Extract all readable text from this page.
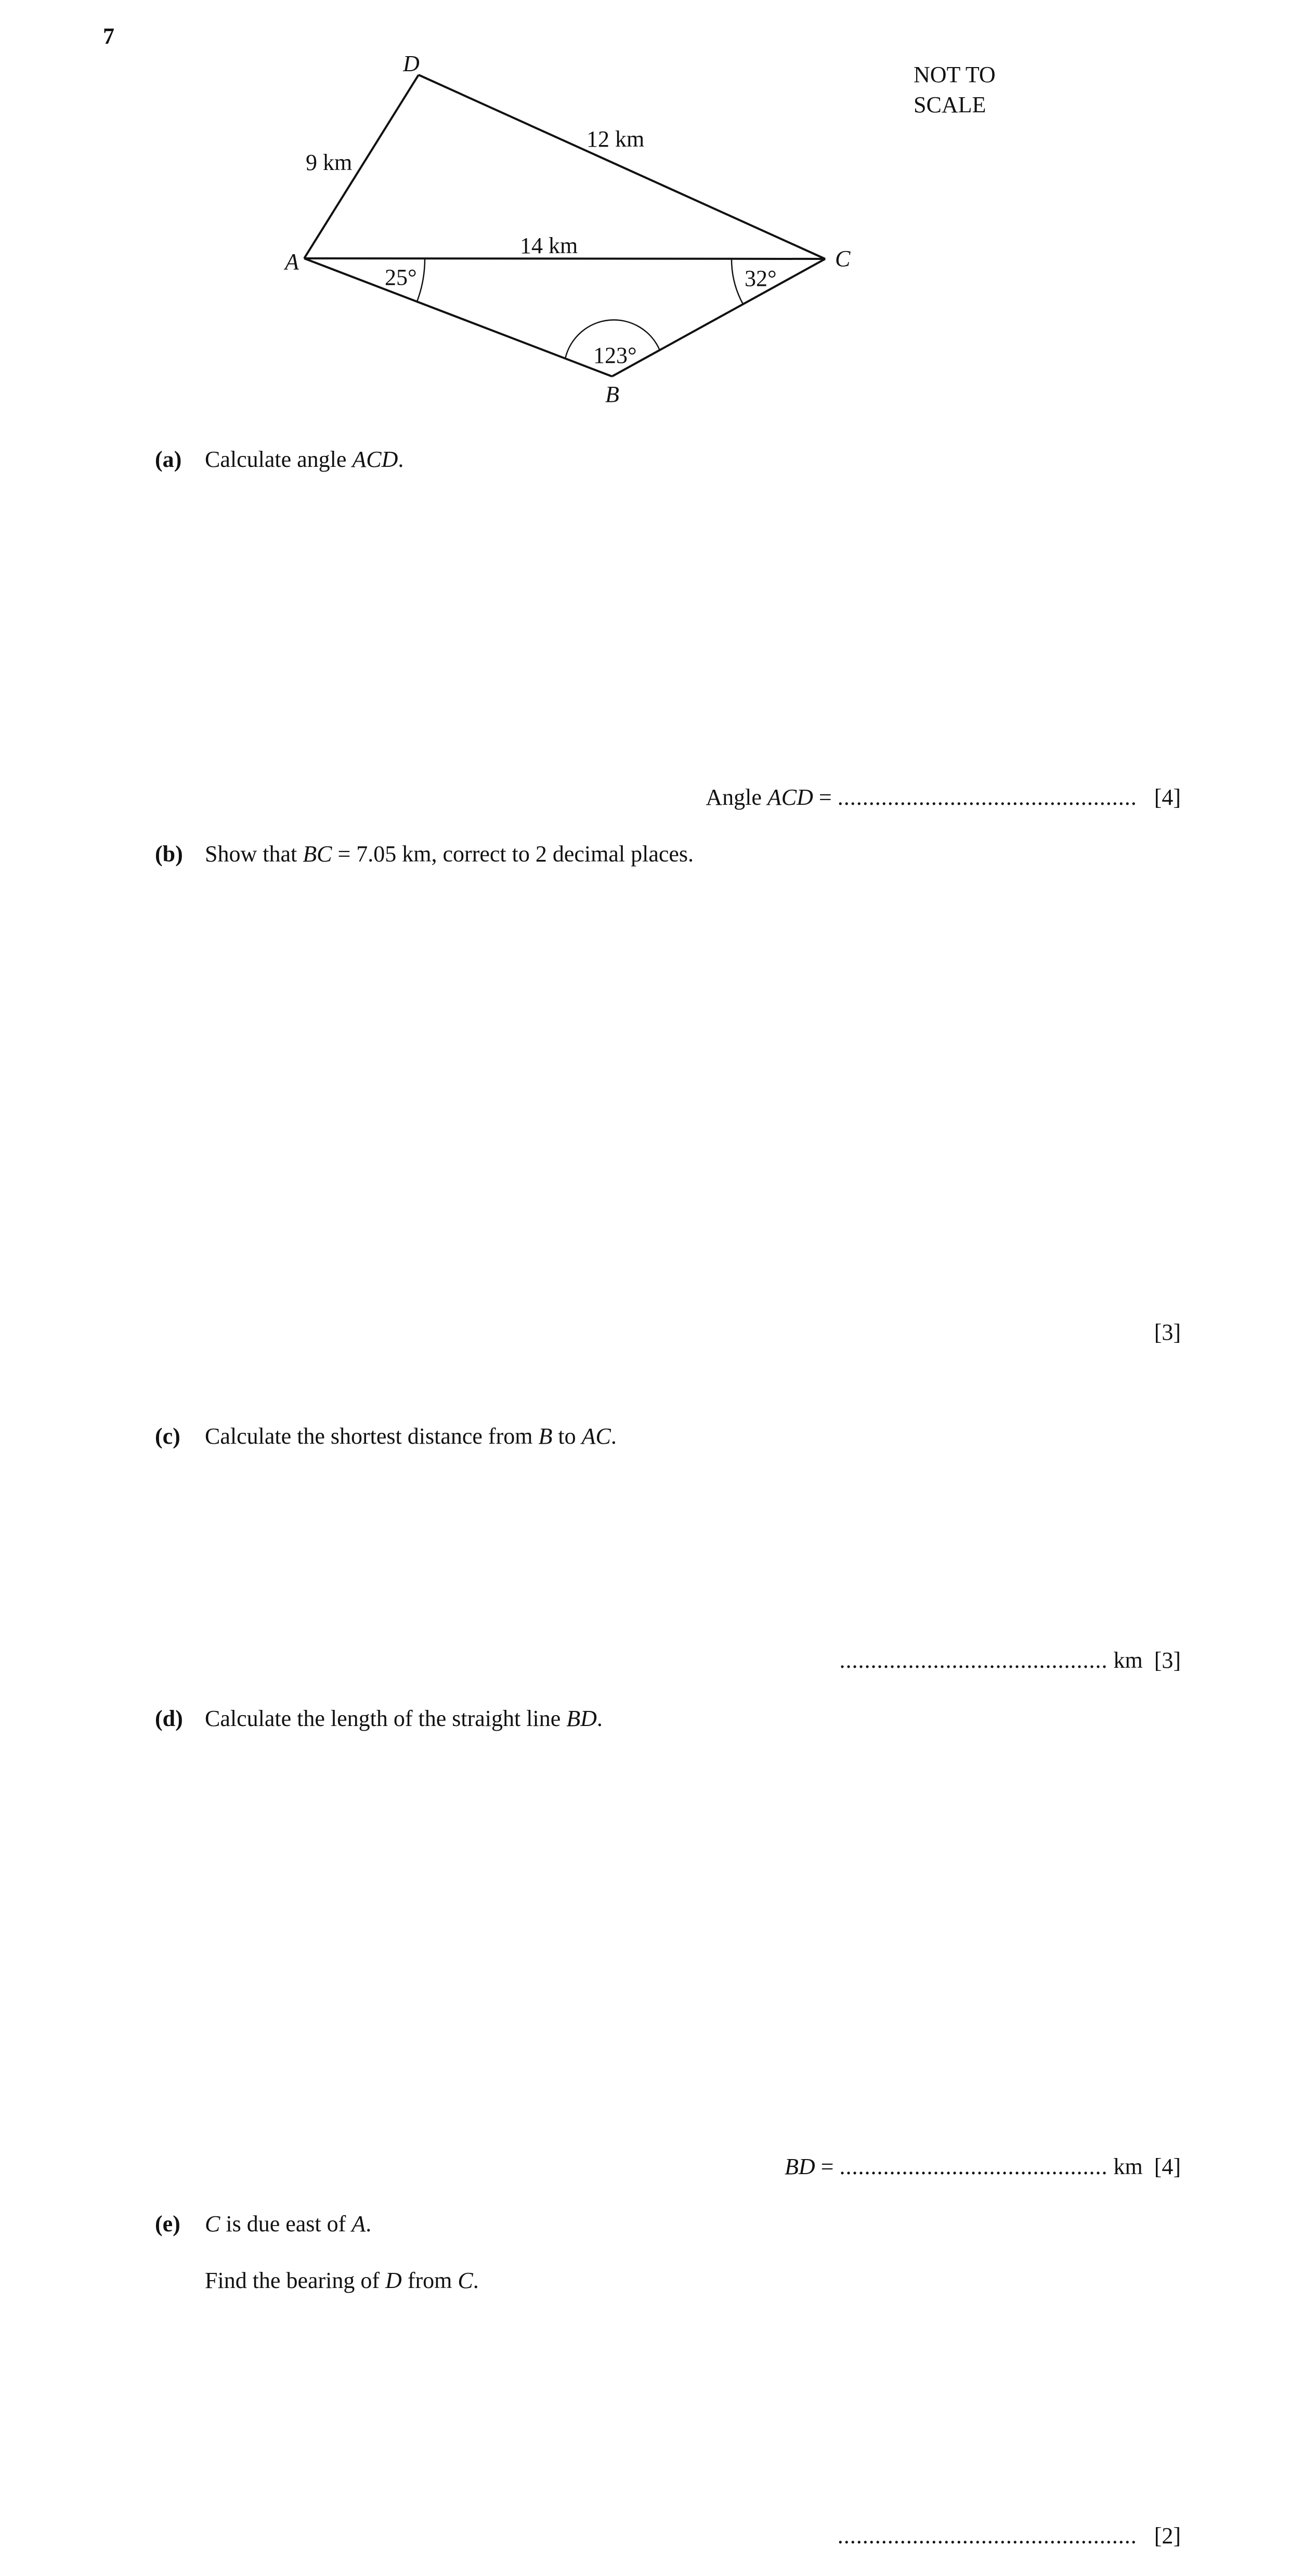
7
D
A	C
B
9 km
12 km
14 km
25°	32°
123°
NOT TO
SCALE
(a) Calculate angle ACD.
Angle ACD = ................................................ [4]
(b) Show that BC = 7.05 km, correct to 2 decimal places.
[3]
(c) Calculate the shortest distance from B to AC.
........................................... km [3]
(d) Calculate the length of the straight line BD.
BD = ........................................... km [4]
(e) C is due east of A.
Find the bearing of D from C.
................................................ [2]
